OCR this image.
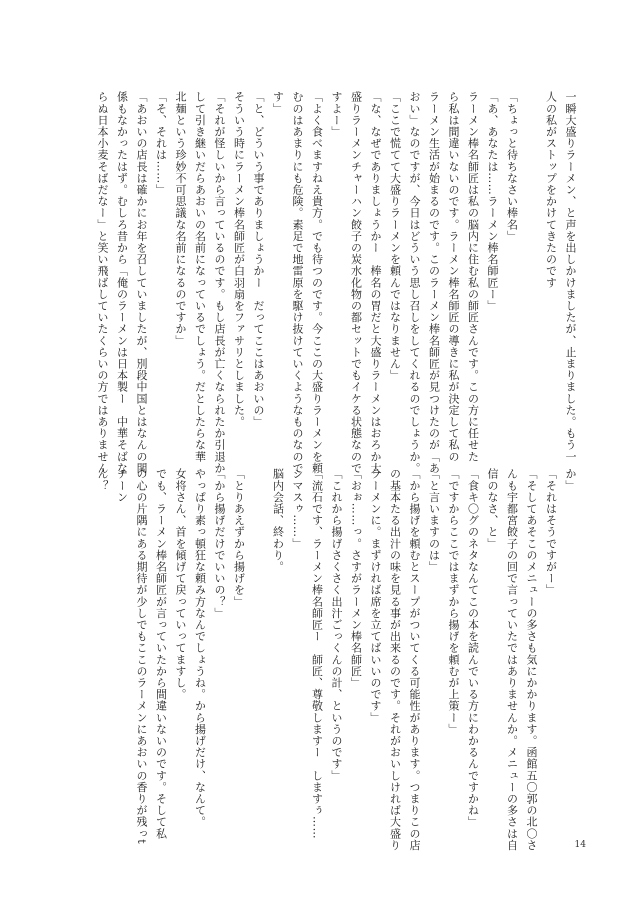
一瞬大盛りラーメン、と声を出しかけましたが、止まりました。もう一
人の私がストップをかけてきたのです

「ちょっと待ちなさい棒名」
「あ、あなたは……ラーメン棒名師匠ー」
ラーメン棒名師匠は私の脳内に住む私の師匠さんです。この方に任せた
ら私は間違いないのです。ラーメン棒名師匠の導きに私が決定して私の
ラーメン生活が始まるのです。このラーメン棒名師匠が見つけたのが「あ
おい」なのですが、今日はどういう思し召しをしてくれるのでしょうか。
「ここで慌てて大盛りラーメンを頼んではなりません」
「な、なぜでありましょうかー　棒名の胃だと大盛りラーメンはおろか大
盛りラーメンチャーハン餃子の炭水化物の都セットでもイケる状態なので
すよー」
「よく食べますねえ貴方。でも待つのです。今ここの大盛りラーメンを頼
むのはあまりにも危険。素足で地雷原を駆け抜けていくようなものなので
す」
「と、どういう事でありましょうかー　だってここはあおいの」
そういう時にラーメン棒名師匠が白羽扇をファサリとしました。
「それが怪しいから言っているのです。もし店長が亡くなられたか引退か
して引き継いだらあおいの名前になっているでしょう。だとしたらな華
北麺という珍妙不可思議な名前になるのですか」
「そ、それは……」
「あおいの店長は確かにお年を召していましたが、別段中国とはなんの関
係もなかったはず。むしろ昔から「俺のラーメンは日本製ー　中華そばな
らぬ日本小麦そばだなー」と笑い飛ばしていたくらいの方ではありません
か」
「それはそうですがー」
「そしてあそこのメニューの多さも気にかかります。函館五〇郭の北〇さ
んも宇都宮餃子の回で言っていたではありませんか。メニューの多さは自
信のなさ、と」
「食キ〇グのネタなんてこの本を読んでいる方にわかるんですかね」
「ですからここではまずから揚げを頼むが上策ー」
「と言いますのは」
「から揚げを頼むとスープがついてくる可能性があります。つまりこの店
の基本たる出汁の味を見る事が出来るのです。それがおいしければ大盛り
ラーメンに。まずければ席を立てばいいのです」
「おぉ……っ。さすがラーメン棒名師匠」
「これから揚げさくさく出汁ごっくんの計、というのです」
「流石です、ラーメン棒名師匠ー　師匠、尊敬しますー　しますぅ……
シマスゥ……」
脳内会話、終わり。

「とりあえずから揚げを」
「から揚げだけでいいの？」
やっぱり素っ頓狂な頼み方なんでしょうね。から揚げだけ、なんて。
女将さん、首を傾げて戻っていってますし。
でも、ラーメン棒名師匠が言っていたから間違いないのです。そして私
の心の片隅にある期待が少しでもここのラーメンにあおいの香りが残っt
チーン
ん？
14
